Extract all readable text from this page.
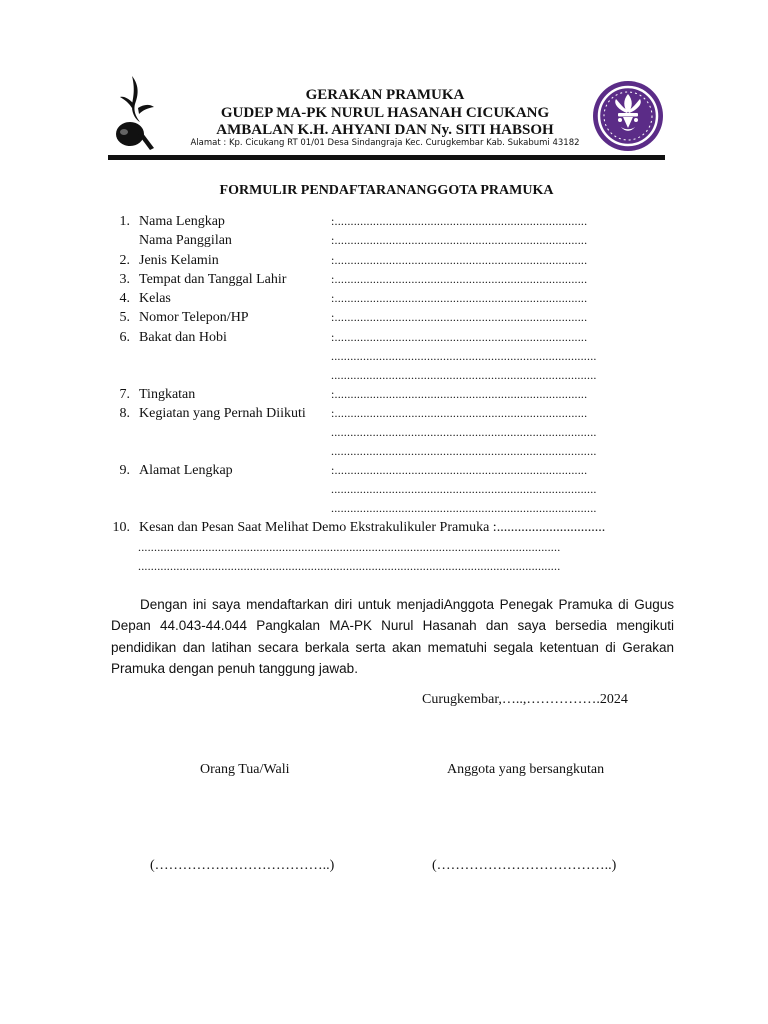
GERAKAN PRAMUKA
GUDEP MA-PK NURUL HASANAH CICUKANG
AMBALAN K.H. AHYANI DAN Ny. SITI HABSOH
Alamat : Kp. Cicukang RT 01/01 Desa Sindangraja Kec. Curugkembar Kab. Sukabumi 43182
FORMULIR PENDAFTARANANGGOTA PRAMUKA
1. Nama Lengkap	:...............................................................................
Nama Panggilan	:...............................................................................
2. Jenis Kelamin	:...............................................................................
3. Tempat dan Tanggal Lahir	:...............................................................................
4. Kelas	:...............................................................................
5. Nomor Telepon/HP	:...............................................................................
6. Bakat dan Hobi	:...............................................................................
...................................................................................
...................................................................................
7. Tingkatan	:...............................................................................
8. Kegiatan yang Pernah Diikuti :...............................................................................
...................................................................................
...................................................................................
9. Alamat Lengkap	:...............................................................................
...................................................................................
...................................................................................
10. Kesan dan Pesan Saat Melihat Demo Ekstrakulikuler Pramuka :...............................
....................................................................................................................................
....................................................................................................................................

Dengan ini saya mendaftarkan diri untuk menjadiAnggota Penegak Pramuka di Gugus Depan 44.043-44.044 Pangkalan MA-PK Nurul Hasanah dan saya bersedia mengikuti pendidikan dan latihan secara berkala serta akan mematuhi segala ketentuan di Gerakan Pramuka dengan penuh tanggung jawab.

Curugkembar,…..,…………….2024
Orang Tua/Wali	Anggota yang bersangkutan
(………………………………..)	(………………………………..)
